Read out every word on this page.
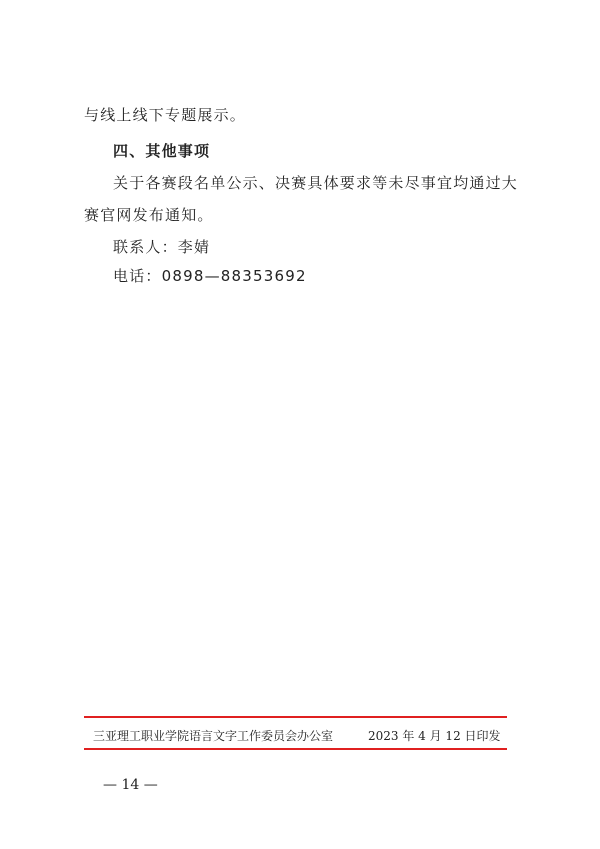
与线上线下专题展示。
四、其他事项
关于各赛段名单公示、决赛具体要求等未尽事宜均通过大
赛官网发布通知。
联系人：李婧
电话：0898—88353692
三亚理工职业学院语言文字工作委员会办公室	2023 年 4 月 12 日印发
— 14 —
